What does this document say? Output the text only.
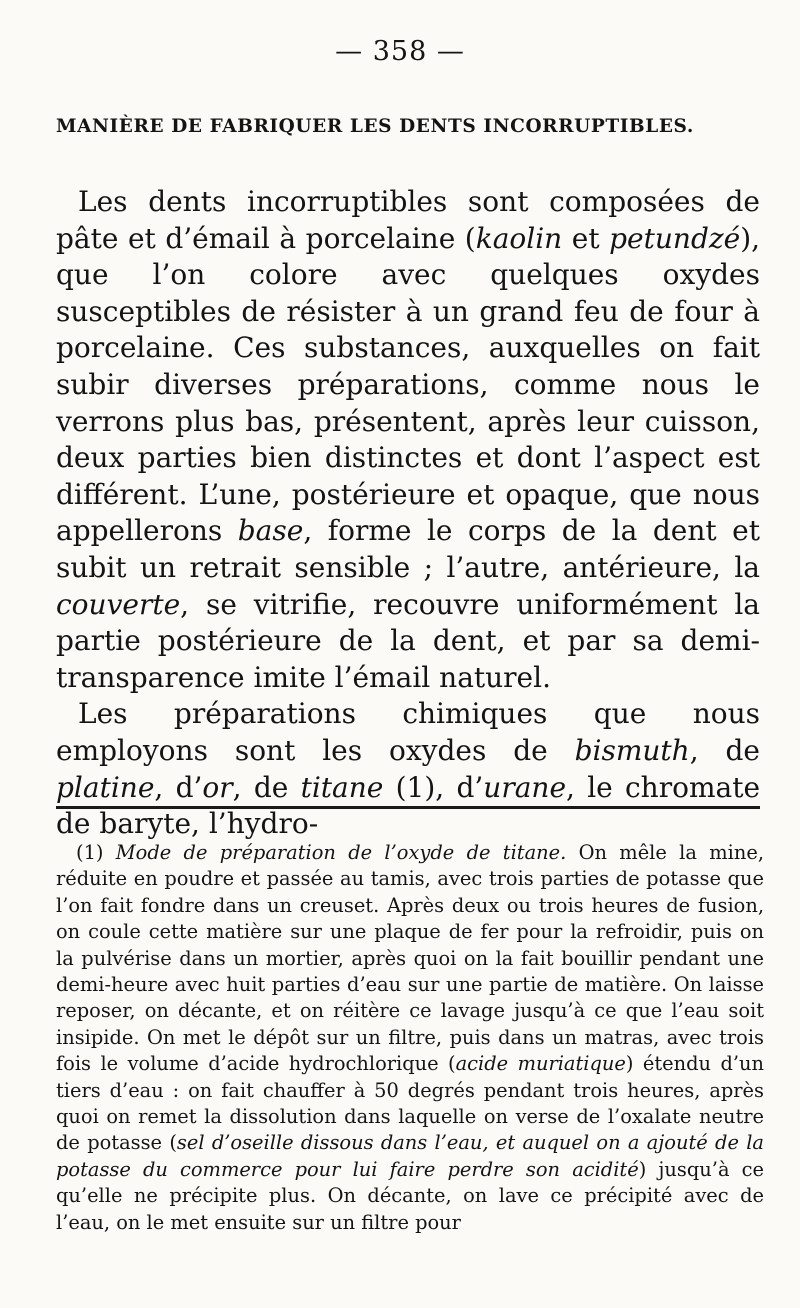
— 358 —
MANIÈRE DE FABRIQUER LES DENTS INCORRUPTIBLES.

Les dents incorruptibles sont composées de pâte et d’émail à porcelaine (kaolin et petundzé), que l’on colore avec quelques oxydes susceptibles de résister à un grand feu de four à porcelaine. Ces substances, auxquelles on fait subir diverses préparations, comme nous le verrons plus bas, présentent, après leur cuisson, deux parties bien distinctes et dont l’aspect est différent. L’une, postérieure et opaque, que nous appellerons base, forme le corps de la dent et subit un retrait sensible ; l’autre, antérieure, la couverte, se vitrifie, recouvre uniformément la partie postérieure de la dent, et par sa demi-transparence imite l’émail naturel.

Les préparations chimiques que nous employons sont les oxydes de bismuth, de platine, d’or, de titane (1), d’urane, le chromate de baryte, l’hydro-

(1) Mode de préparation de l’oxyde de titane. On mêle la mine, réduite en poudre et passée au tamis, avec trois parties de potasse que l’on fait fondre dans un creuset. Après deux ou trois heures de fusion, on coule cette matière sur une plaque de fer pour la refroidir, puis on la pulvérise dans un mortier, après quoi on la fait bouillir pendant une demi-heure avec huit parties d’eau sur une partie de matière. On laisse reposer, on décante, et on réitère ce lavage jusqu’à ce que l’eau soit insipide. On met le dépôt sur un filtre, puis dans un matras, avec trois fois le volume d’acide hydrochlorique (acide muriatique) étendu d’un tiers d’eau : on fait chauffer à 50 degrés pendant trois heures, après quoi on remet la dissolution dans laquelle on verse de l’oxalate neutre de potasse (sel d’oseille dissous dans l’eau, et auquel on a ajouté de la potasse du commerce pour lui faire perdre son acidité) jusqu’à ce qu’elle ne précipite plus. On décante, on lave ce précipité avec de l’eau, on le met ensuite sur un filtre pour
